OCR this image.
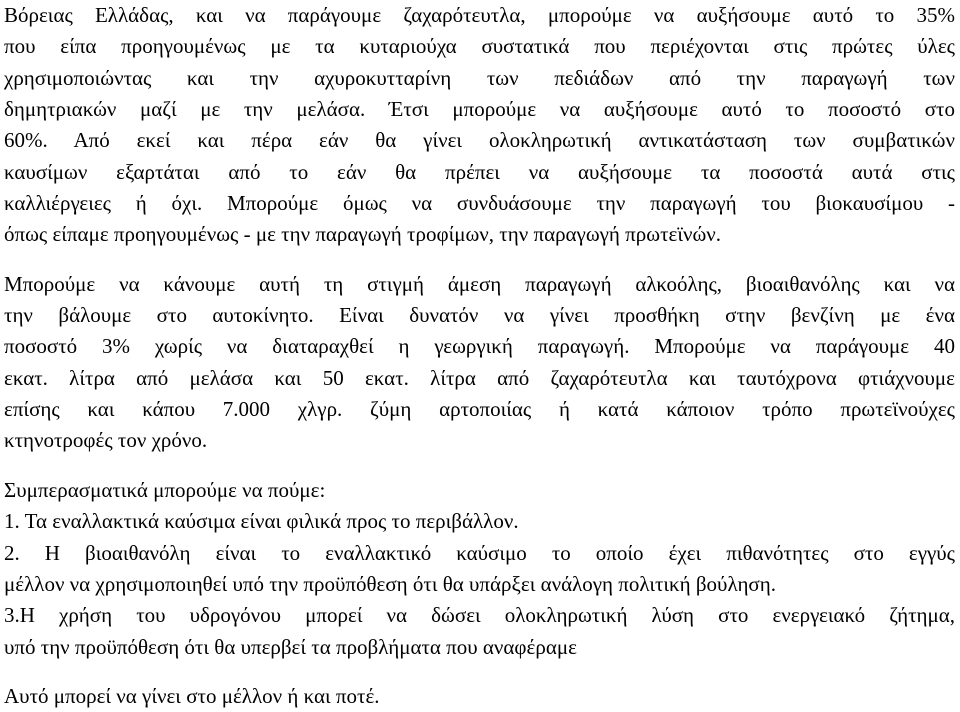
Βόρειας Ελλάδας, και να παράγουμε ζαχαρότευτλα, μπορούμε να αυξήσουμε αυτό το 35%
που είπα προηγουμένως με τα κυταριούχα συστατικά που περιέχονται στις πρώτες ύλες
χρησιμοποιώντας και την αχυροκυτταρίνη των πεδιάδων από την παραγωγή των
δημητριακών μαζί με την μελάσα. Έτσι μπορούμε να αυξήσουμε αυτό το ποσοστό στο
60%. Από εκεί και πέρα εάν θα γίνει ολοκληρωτική αντικατάσταση των συμβατικών
καυσίμων εξαρτάται από το εάν θα πρέπει να αυξήσουμε τα ποσοστά αυτά στις
καλλιέργειες ή όχι. Μπορούμε όμως να συνδυάσουμε την παραγωγή του βιοκαυσίμου -
όπως είπαμε προηγουμένως - με την παραγωγή τροφίμων, την παραγωγή πρωτεϊνών.
Μπορούμε να κάνουμε αυτή τη στιγμή άμεση παραγωγή αλκοόλης, βιοαιθανόλης και να
την βάλουμε στο αυτοκίνητο. Είναι δυνατόν να γίνει προσθήκη στην βενζίνη με ένα
ποσοστό 3% χωρίς να διαταραχθεί η γεωργική παραγωγή. Μπορούμε να παράγουμε 40
εκατ. λίτρα από μελάσα και 50 εκατ. λίτρα από ζαχαρότευτλα και ταυτόχρονα φτιάχνουμε
επίσης και κάπου 7.000 χλγρ. ζύμη αρτοποιίας ή κατά κάποιον τρόπο πρωτεϊνούχες
κτηνοτροφές τον χρόνο.
Συμπερασματικά μπορούμε να πούμε:
1. Τα εναλλακτικά καύσιμα είναι φιλικά προς το περιβάλλον.
2. Η βιοαιθανόλη είναι το εναλλακτικό καύσιμο το οποίο έχει πιθανότητες στο εγγύς
μέλλον να χρησιμοποιηθεί υπό την προϋπόθεση ότι θα υπάρξει ανάλογη πολιτική βούληση.
3.Η χρήση του υδρογόνου μπορεί να δώσει ολοκληρωτική λύση στο ενεργειακό ζήτημα,
υπό την προϋπόθεση ότι θα υπερβεί τα προβλήματα που αναφέραμε
Αυτό μπορεί να γίνει στο μέλλον ή και ποτέ.
